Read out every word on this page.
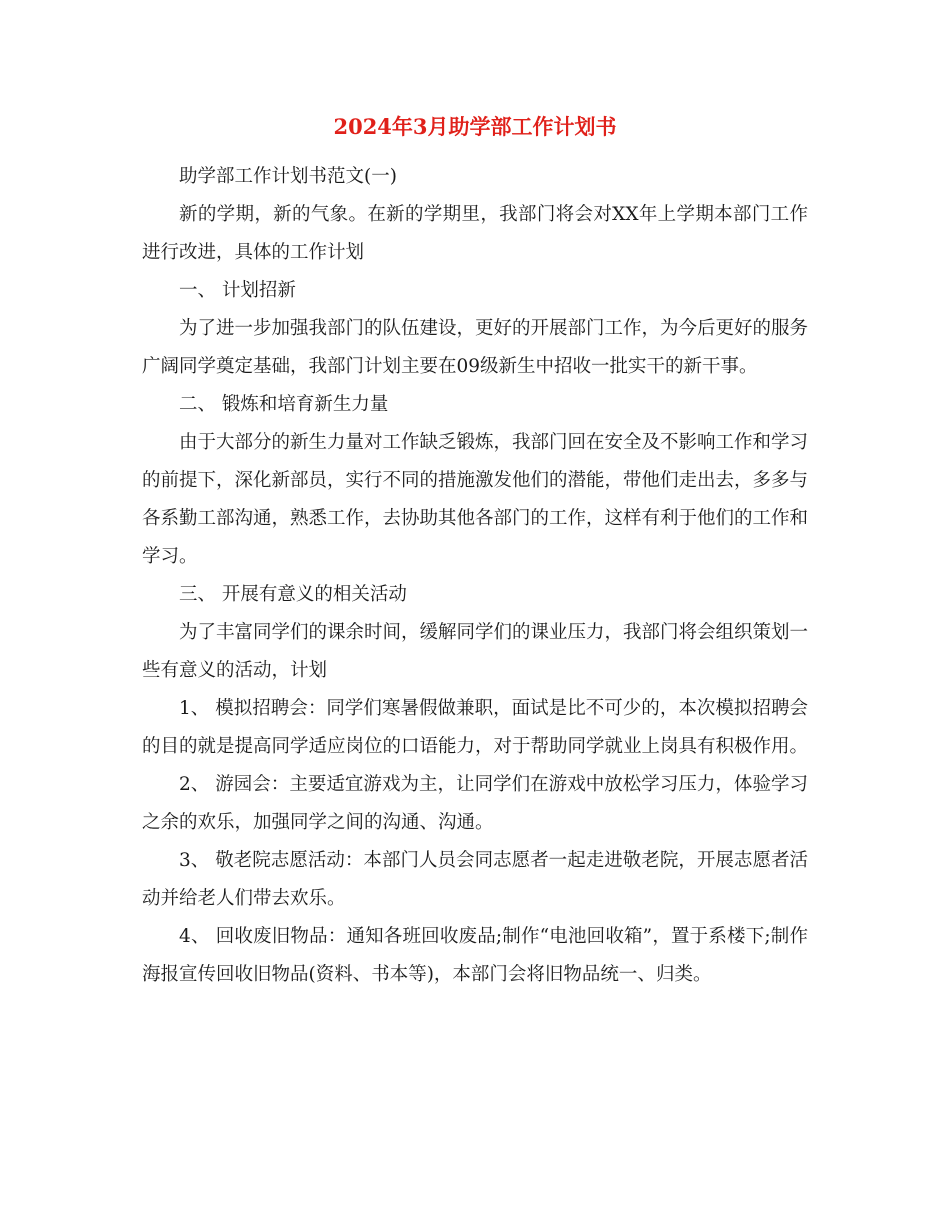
2024年3月助学部工作计划书

助学部工作计划书范文(一)

新的学期，新的气象。在新的学期里，我部门将会对XX年上学期本部门工作进行改进，具体的工作计划

一、 计划招新

为了进一步加强我部门的队伍建设，更好的开展部门工作，为今后更好的服务广阔同学奠定基础，我部门计划主要在09级新生中招收一批实干的新干事。

二、 锻炼和培育新生力量

由于大部分的新生力量对工作缺乏锻炼，我部门回在安全及不影响工作和学习的前提下，深化新部员，实行不同的措施激发他们的潜能，带他们走出去，多多与各系勤工部沟通，熟悉工作，去协助其他各部门的工作，这样有利于他们的工作和学习。

三、 开展有意义的相关活动

为了丰富同学们的课余时间，缓解同学们的课业压力，我部门将会组织策划一些有意义的活动，计划

1、 模拟招聘会：同学们寒暑假做兼职，面试是比不可少的，本次模拟招聘会的目的就是提高同学适应岗位的口语能力，对于帮助同学就业上岗具有积极作用。

2、 游园会：主要适宜游戏为主，让同学们在游戏中放松学习压力，体验学习之余的欢乐，加强同学之间的沟通、沟通。

3、 敬老院志愿活动：本部门人员会同志愿者一起走进敬老院，开展志愿者活动并给老人们带去欢乐。

4、 回收废旧物品：通知各班回收废品;制作“电池回收箱”，置于系楼下;制作海报宣传回收旧物品(资料、书本等)，本部门会将旧物品统一、归类。
